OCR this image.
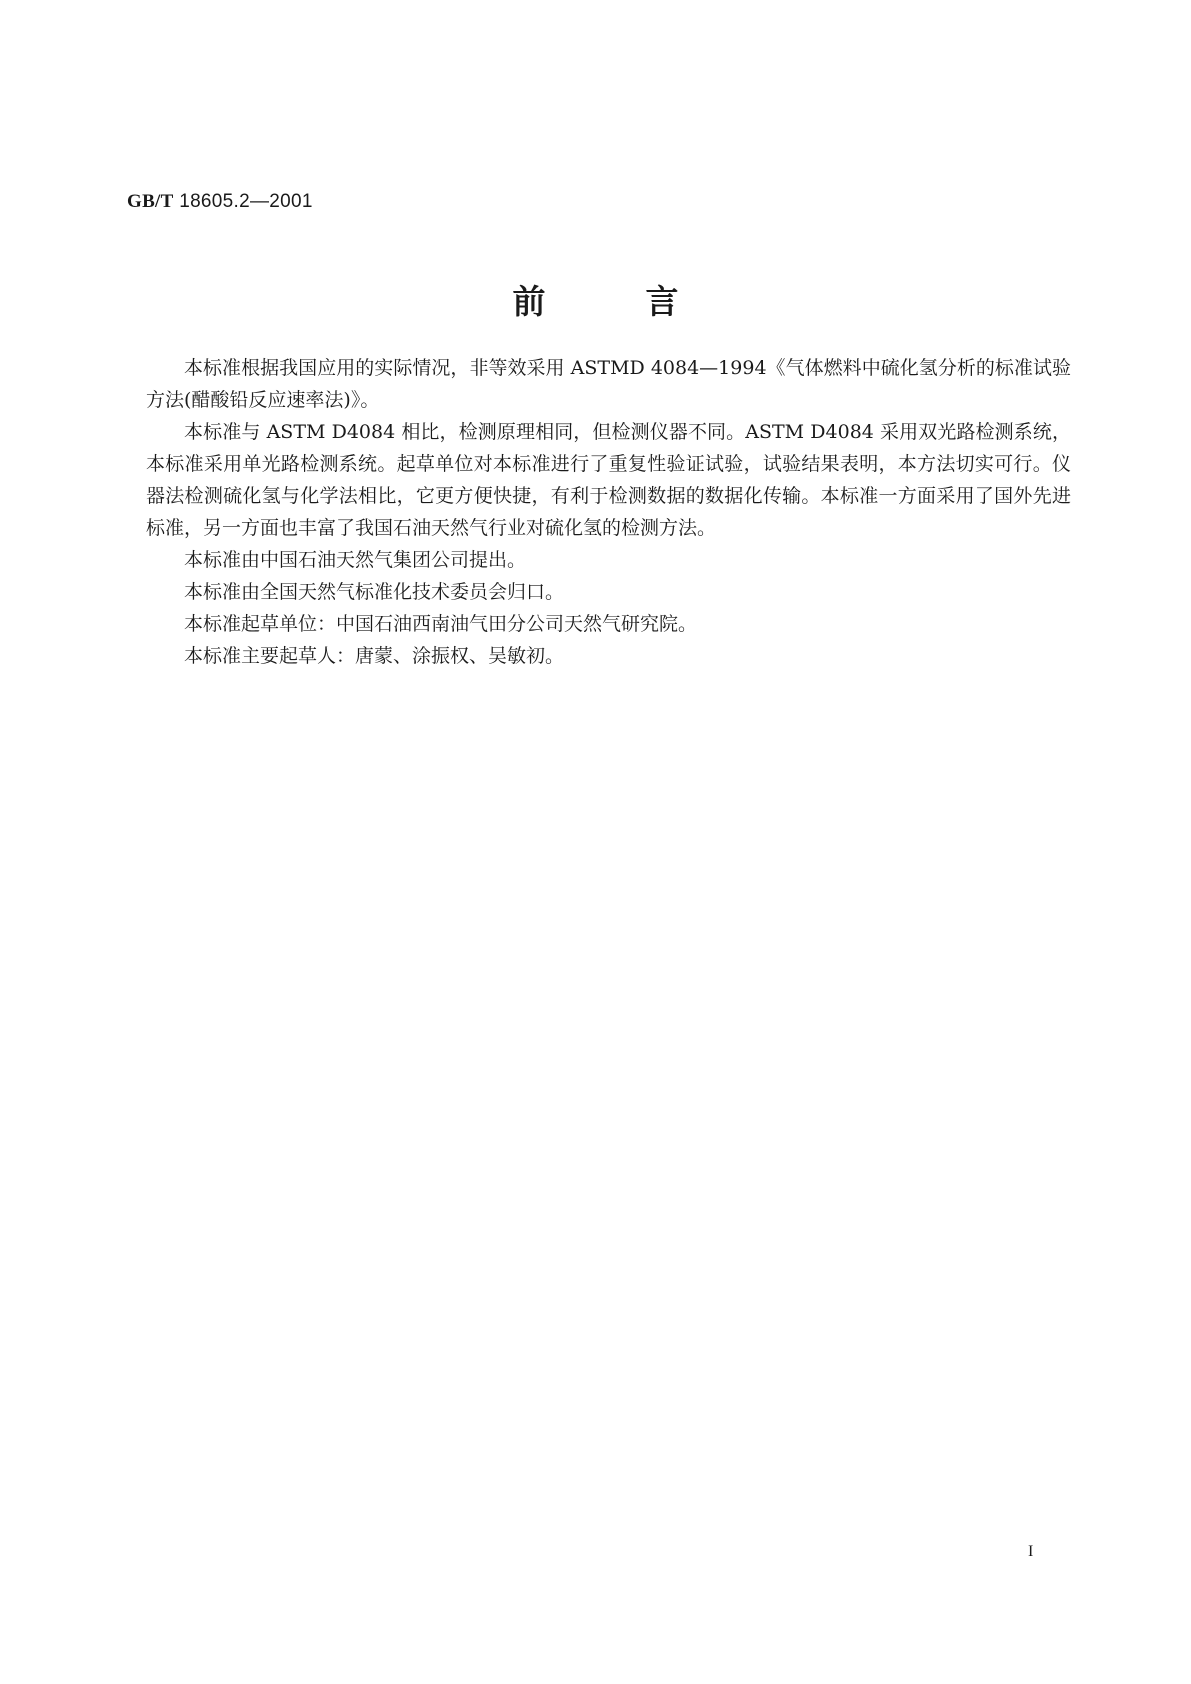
GB/T 18605.2—2001
前言

本标准根据我国应用的实际情况，非等效采用 ASTMD 4084—1994《气体燃料中硫化氢分析的标准试验方法(醋酸铅反应速率法)》。

本标准与 ASTM D4084 相比，检测原理相同，但检测仪器不同。ASTM D4084 采用双光路检测系统，本标准采用单光路检测系统。起草单位对本标准进行了重复性验证试验，试验结果表明，本方法切实可行。仪器法检测硫化氢与化学法相比，它更方便快捷，有利于检测数据的数据化传输。本标准一方面采用了国外先进标准，另一方面也丰富了我国石油天然气行业对硫化氢的检测方法。

本标准由中国石油天然气集团公司提出。

本标准由全国天然气标准化技术委员会归口。

本标准起草单位：中国石油西南油气田分公司天然气研究院。

本标准主要起草人：唐蒙、涂振权、吴敏初。

I
